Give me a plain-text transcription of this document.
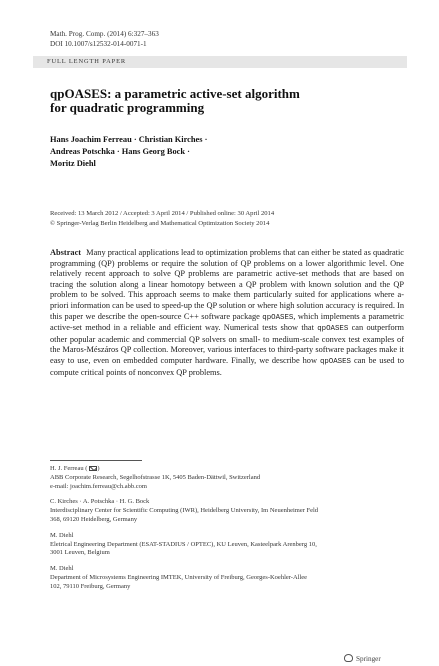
Math. Prog. Comp. (2014) 6:327–363
DOI 10.1007/s12532-014-0071-1
FULL LENGTH PAPER
qpOASES: a parametric active-set algorithm
for quadratic programming
Hans Joachim Ferreau · Christian Kirches ·
Andreas Potschka · Hans Georg Bock ·
Moritz Diehl
Received: 13 March 2012 / Accepted: 3 April 2014 / Published online: 30 April 2014
© Springer-Verlag Berlin Heidelberg and Mathematical Optimization Society 2014
Abstract Many practical applications lead to optimization problems that can either be stated as quadratic programming (QP) problems or require the solution of QP problems on a lower algorithmic level. One relatively recent approach to solve QP problems are parametric active-set methods that are based on tracing the solution along a linear homotopy between a QP problem with known solution and the QP problem to be solved. This approach seems to make them particularly suited for applications where a-priori information can be used to speed-up the QP solution or where high solution accuracy is required. In this paper we describe the open-source C++ software package qpOASES, which implements a parametric active-set method in a reliable and efficient way. Numerical tests show that qpOASES can outperform other popular academic and commercial QP solvers on small- to medium-scale convex test examples of the Maros-Mészáros QP collection. Moreover, various interfaces to third-party software packages make it easy to use, even on embedded computer hardware. Finally, we describe how qpOASES can be used to compute critical points of nonconvex QP problems.
H. J. Ferreau ( )
ABB Corporate Research, Segelhofstrasse 1K, 5405 Baden-Dättwil, Switzerland
e-mail: joachim.ferreau@ch.abb.com
C. Kirches · A. Potschka · H. G. Bock
Interdisciplinary Center for Scientific Computing (IWR), Heidelberg University, Im Neuenheimer Feld
368, 69120 Heidelberg, Germany
M. Diehl
Eletrical Engineering Department (ESAT-STADIUS / OPTEC), KU Leuven, Kasteelpark Arenberg 10,
3001 Leuven, Belgium
M. Diehl
Department of Microsystems Engineering IMTEK, University of Freiburg, Georges-Koehler-Allee
102, 79110 Freiburg, Germany
Springer
